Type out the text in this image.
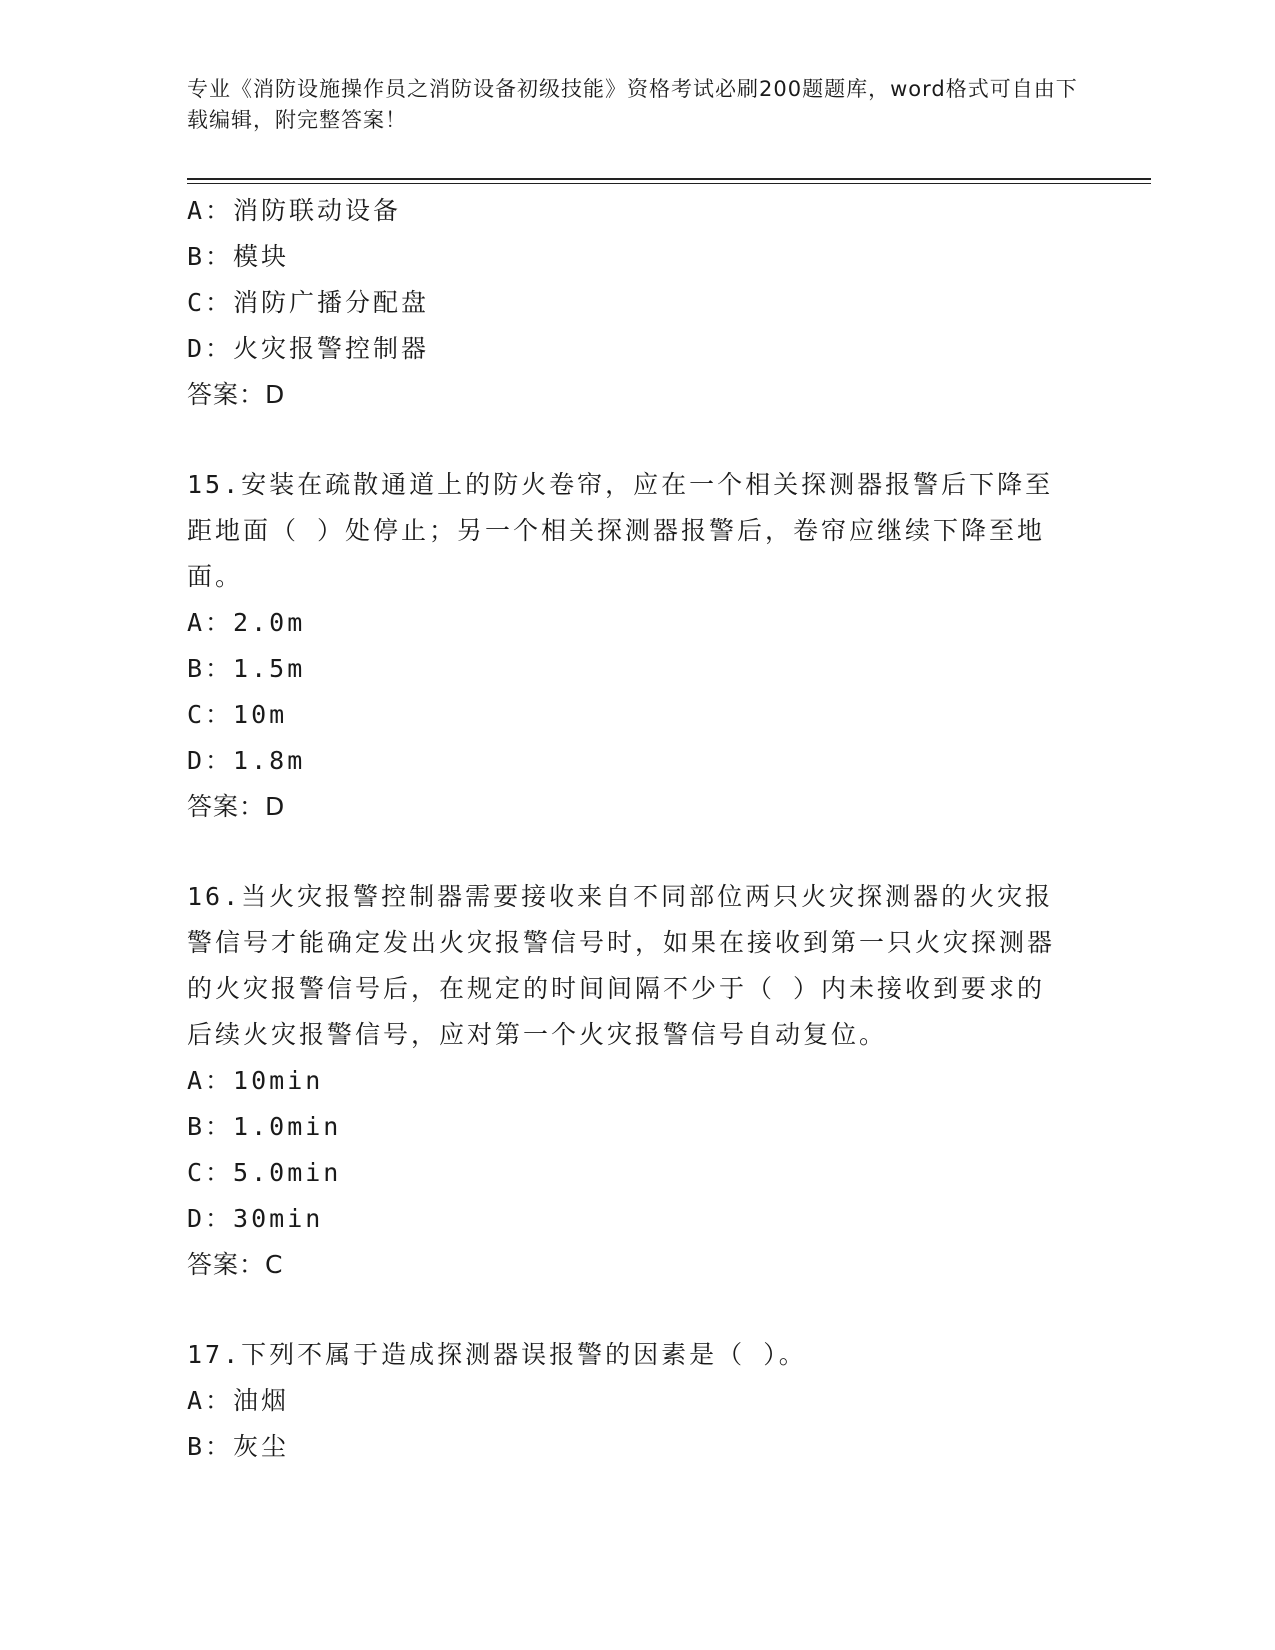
专业《消防设施操作员之消防设备初级技能》资格考试必刷200题题库，word格式可自由下载编辑，附完整答案！
A：消防联动设备
B：模块
C：消防广播分配盘
D：火灾报警控制器
答案：D
15.安装在疏散通道上的防火卷帘，应在一个相关探测器报警后下降至距地面（ ）处停止；另一个相关探测器报警后，卷帘应继续下降至地面。
A：2.0m
B：1.5m
C：10m
D：1.8m
答案：D
16.当火灾报警控制器需要接收来自不同部位两只火灾探测器的火灾报警信号才能确定发出火灾报警信号时，如果在接收到第一只火灾探测器的火灾报警信号后，在规定的时间间隔不少于（ ）内未接收到要求的后续火灾报警信号，应对第一个火灾报警信号自动复位。
A：10min
B：1.0min
C：5.0min
D：30min
答案：C
17.下列不属于造成探测器误报警的因素是（ ）。
A：油烟
B：灰尘
